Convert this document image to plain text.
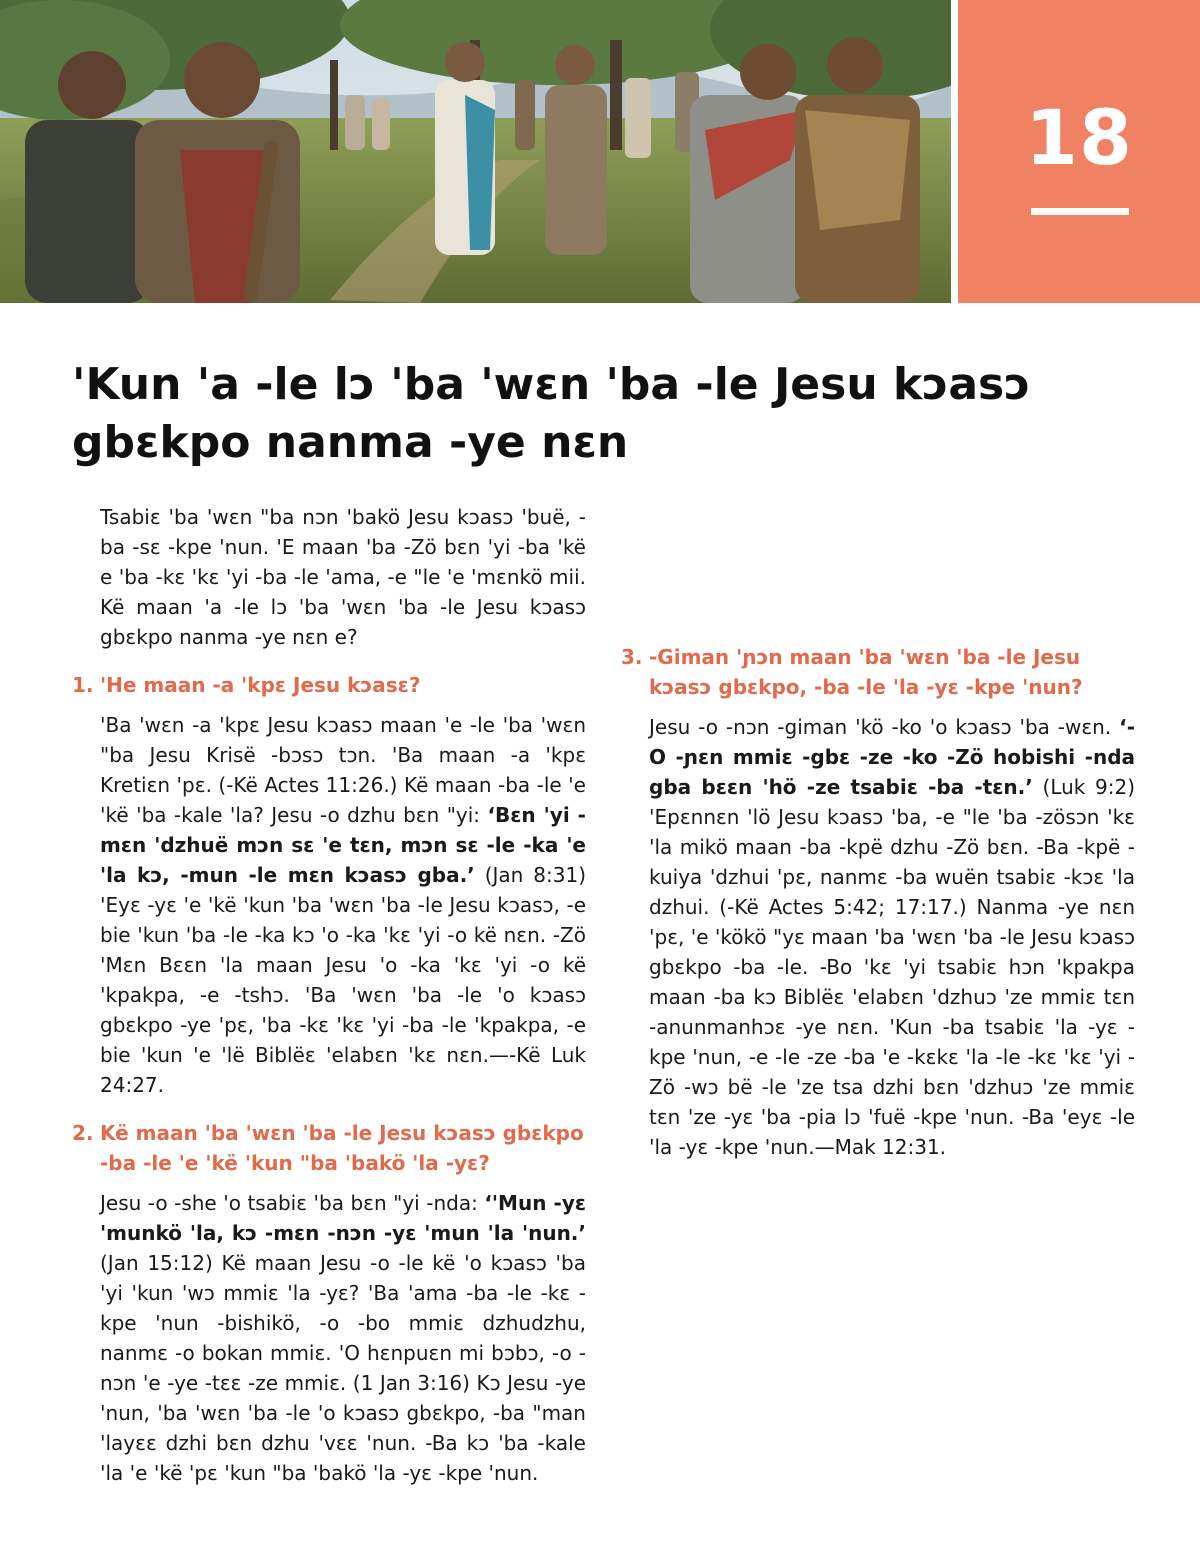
18
'Kun 'a -le lɔ 'ba 'wɛn 'ba -le Jesu kɔasɔ gbɛkpo nanma -ye nɛn

Tsabiɛ 'ba 'wɛn "ba nɔn 'bakö Jesu kɔasɔ 'buë, -ba -sɛ -kpe 'nun. 'E maan 'ba -Zö bɛn 'yi -ba 'kë e 'ba -kɛ 'kɛ 'yi -ba -le 'ama, -e "le 'e 'mɛnkö mii. Kë maan 'a -le lɔ 'ba 'wɛn 'ba -le Jesu kɔasɔ gbɛkpo nanma -ye nɛn e?

1. 'He maan -a 'kpɛ Jesu kɔasɛ?

'Ba 'wɛn -a 'kpɛ Jesu kɔasɔ maan 'e -le 'ba 'wɛn "ba Jesu Krisë -bɔsɔ tɔn. 'Ba maan -a 'kpɛ Kretiɛn 'pɛ. (-Kë Actes 11:26.) Kë maan -ba -le 'e 'kë 'ba -kale 'la? Jesu -o dzhu bɛn "yi: ‘Bɛn 'yi -mɛn 'dzhuë mɔn sɛ 'e tɛn, mɔn sɛ -le -ka 'e 'la kɔ, -mun -le mɛn kɔasɔ gba.’ (Jan 8:31) 'Eyɛ -yɛ 'e 'kë 'kun 'ba 'wɛn 'ba -le Jesu kɔasɔ, -e bie 'kun 'ba -le -ka kɔ 'o -ka 'kɛ 'yi -o kë nɛn. -Zö 'Mɛn Bɛɛn 'la maan Jesu 'o -ka 'kɛ 'yi -o kë 'kpakpa, -e -tshɔ. 'Ba 'wɛn 'ba -le 'o kɔasɔ gbɛkpo -ye 'pɛ, 'ba -kɛ 'kɛ 'yi -ba -le 'kpakpa, -e bie 'kun 'e 'lë Biblëɛ 'elabɛn 'kɛ nɛn.—-Kë Luk 24:27.

2. Kë maan 'ba 'wɛn 'ba -le Jesu kɔasɔ gbɛkpo -ba -le 'e 'kë 'kun "ba 'bakö 'la -yɛ?

Jesu -o -she 'o tsabiɛ 'ba bɛn "yi -nda: ‘'Mun -yɛ 'munkö 'la, kɔ -mɛn -nɔn -yɛ 'mun 'la 'nun.’ (Jan 15:12) Kë maan Jesu -o -le kë 'o kɔasɔ 'ba 'yi 'kun 'wɔ mmiɛ 'la -yɛ? 'Ba 'ama -ba -le -kɛ -kpe 'nun -bishikö, -o -bo mmiɛ dzhudzhu, nanmɛ -o bokan mmiɛ. 'O hɛnpuɛn mi bɔbɔ, -o -nɔn 'e -ye -tɛɛ -ze mmiɛ. (1 Jan 3:16) Kɔ Jesu -ye 'nun, 'ba 'wɛn 'ba -le 'o kɔasɔ gbɛkpo, -ba "man 'layɛɛ dzhi bɛn dzhu 'vɛɛ 'nun. -Ba kɔ 'ba -kale 'la 'e 'kë 'pɛ 'kun "ba 'bakö 'la -yɛ -kpe 'nun.

3. -Giman 'ɲɔn maan 'ba 'wɛn 'ba -le Jesu kɔasɔ gbɛkpo, -ba -le 'la -yɛ -kpe 'nun?

Jesu -o -nɔn -giman 'kö -ko 'o kɔasɔ 'ba -wɛn. ‘-O -ɲɛn mmiɛ -gbɛ -ze -ko -Zö hobishi -nda gba bɛɛn 'hö -ze tsabiɛ -ba -tɛn.’ (Luk 9:2) 'Epɛnnɛn 'lö Jesu kɔasɔ 'ba, -e "le 'ba -zösɔn 'kɛ 'la mikö maan -ba -kpë dzhu -Zö bɛn. -Ba -kpë -kuiya 'dzhui 'pɛ, nanmɛ -ba wuën tsabiɛ -kɔɛ 'la dzhui. (-Kë Actes 5:42; 17:17.) Nanma -ye nɛn 'pɛ, 'e 'kökö "yɛ maan 'ba 'wɛn 'ba -le Jesu kɔasɔ gbɛkpo -ba -le. -Bo 'kɛ 'yi tsabiɛ hɔn 'kpakpa maan -ba kɔ Biblëɛ 'elabɛn 'dzhuɔ 'ze mmiɛ tɛn -anunmanhɔɛ -ye nɛn. 'Kun -ba tsabiɛ 'la -yɛ -kpe 'nun, -e -le -ze -ba 'e -kɛkɛ 'la -le -kɛ 'kɛ 'yi -Zö -wɔ bë -le 'ze tsa dzhi bɛn 'dzhuɔ 'ze mmiɛ tɛn 'ze -yɛ 'ba -pia lɔ 'fuë -kpe 'nun. -Ba 'eyɛ -le 'la -yɛ -kpe 'nun.—Mak 12:31.
